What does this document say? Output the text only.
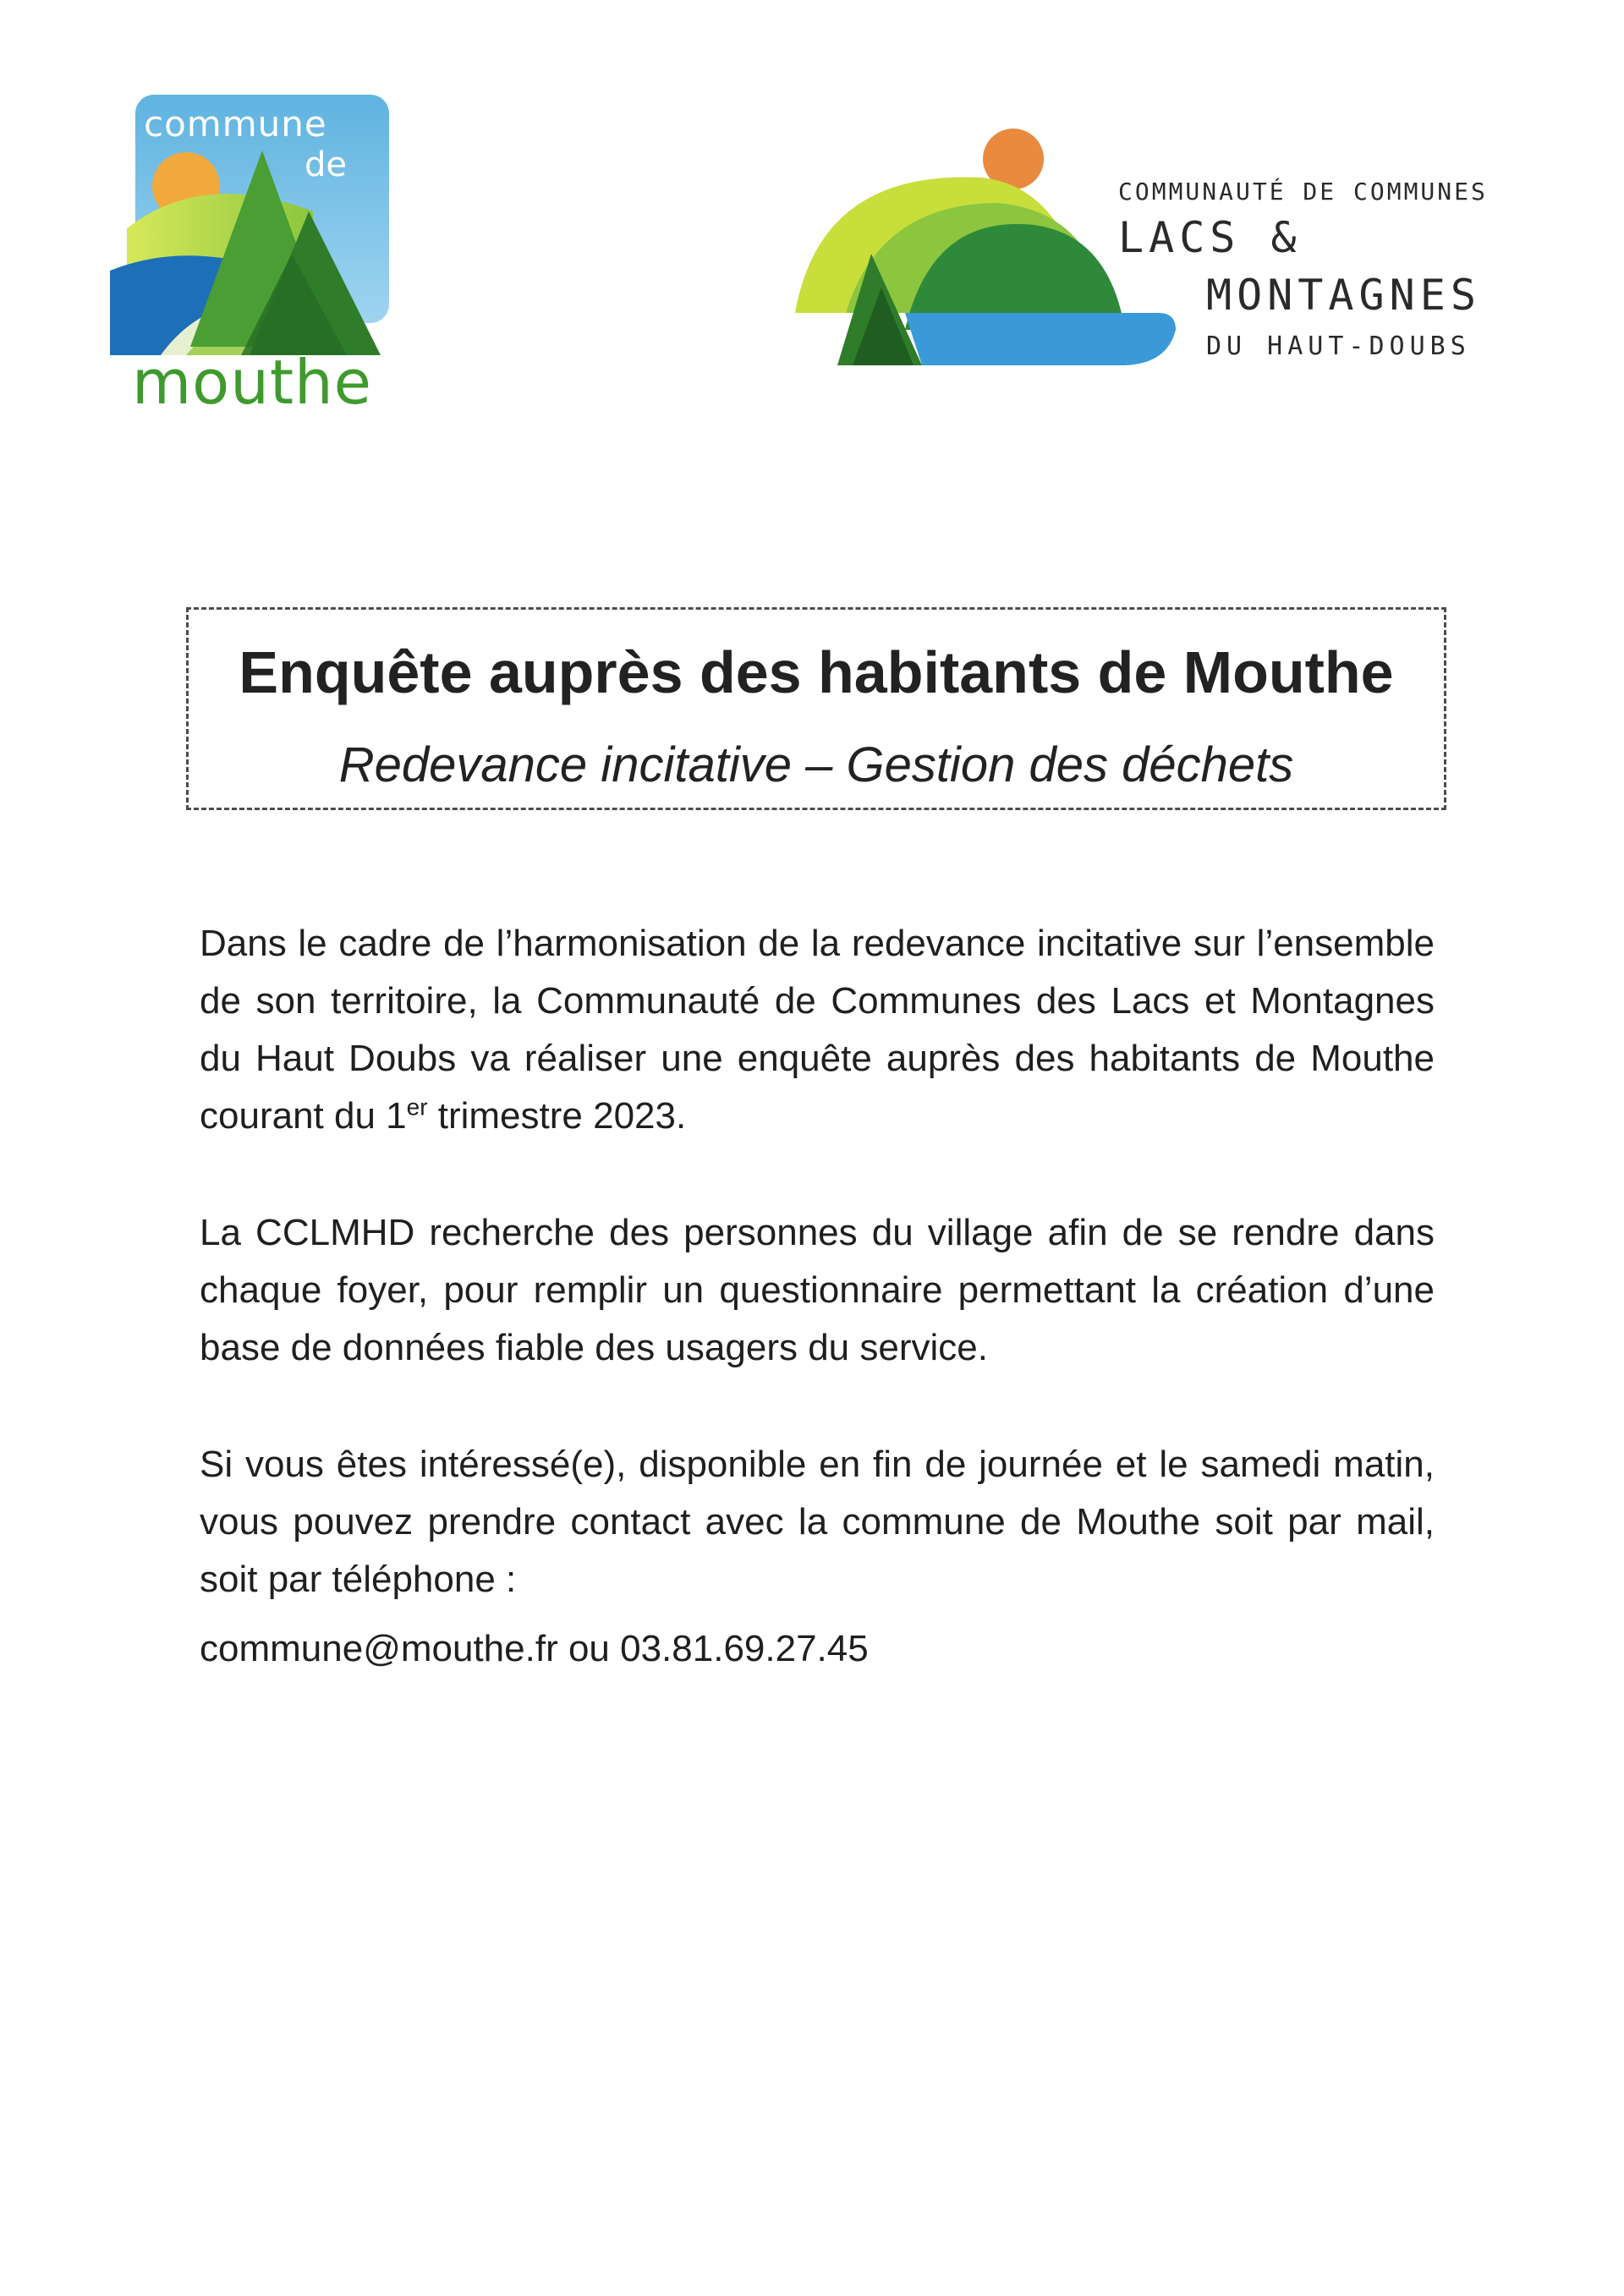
commune
de
mouthe
COMMUNAUTÉ DE COMMUNES
LACS &
MONTAGNES
DU HAUT-DOUBS
Enquête auprès des habitants de Mouthe
Redevance incitative – Gestion des déchets

Dans le cadre de l’harmonisation de la redevance incitative sur l’ensemble de son territoire, la Communauté de Communes des Lacs et Montagnes du Haut Doubs va réaliser une enquête auprès des habitants de Mouthe courant du 1er trimestre 2023.

La CCLMHD recherche des personnes du village afin de se rendre dans chaque foyer, pour remplir un questionnaire permettant la création d’une base de données fiable des usagers du service.

Si vous êtes intéressé(e), disponible en fin de journée et le samedi matin, vous pouvez prendre contact avec la commune de Mouthe soit par mail, soit par téléphone :

commune@mouthe.fr ou 03.81.69.27.45
